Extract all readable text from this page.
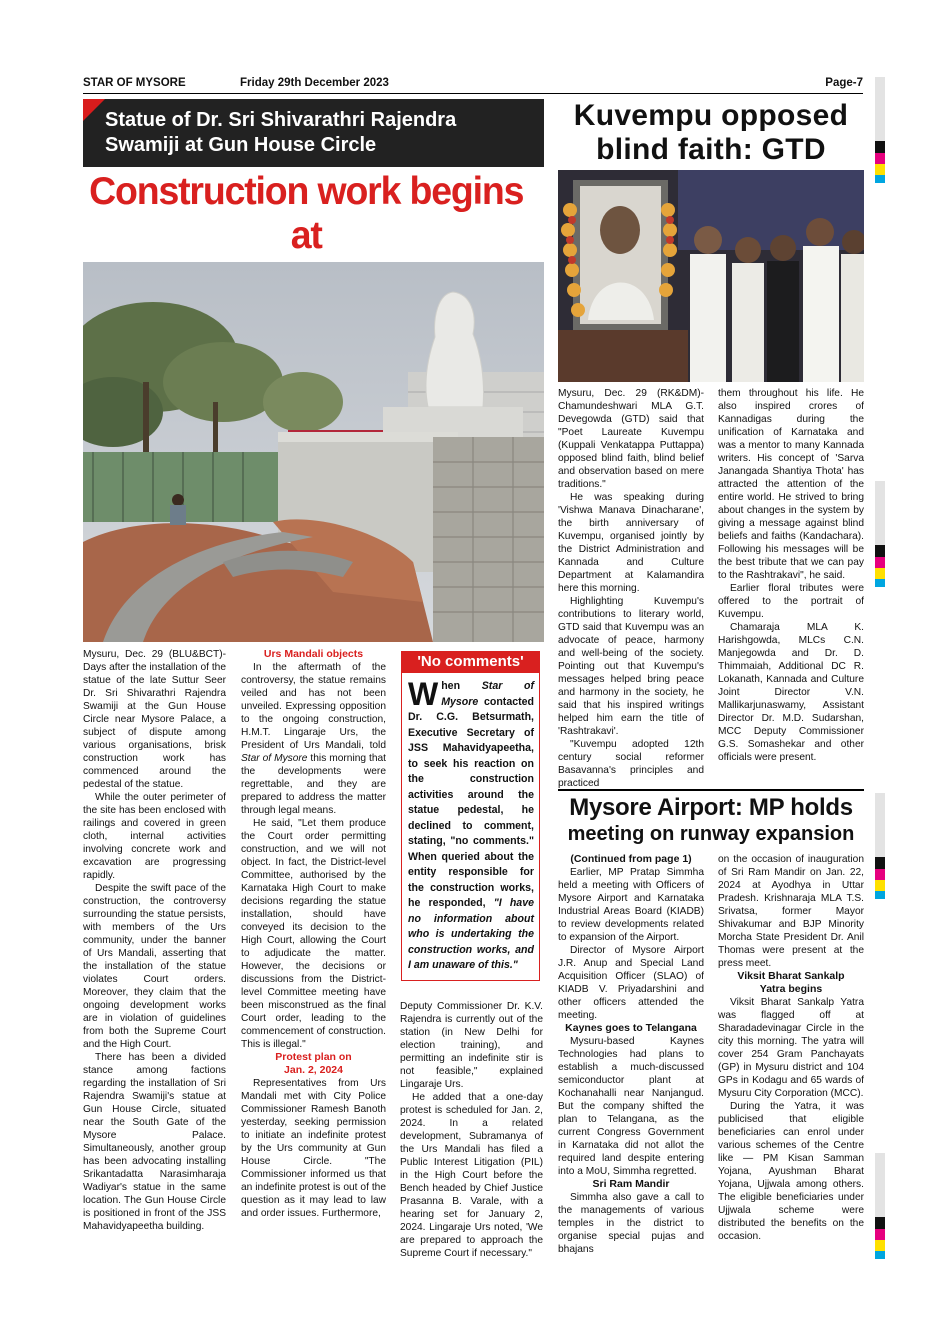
STAR OF MYSORE	Friday 29th December 2023	Page-7
Statue of Dr. Sri Shivarathri Rajendra
Swamiji at Gun House Circle
Construction work begins at

Mysuru, Dec. 29 (BLU&BCT)- Days after the installation of the statue of the late Suttur Seer Dr. Sri Shivarathri Rajendra Swamiji at the Gun House Circle near Mysore Palace, a subject of dispute among various organisations, brisk construction work has commenced around the pedestal of the statue.

While the outer perimeter of the site has been enclosed with railings and covered in green cloth, internal activities involving concrete work and excavation are progressing rapidly.

Despite the swift pace of the construction, the controversy surrounding the statue persists, with members of the Urs community, under the banner of Urs Mandali, asserting that the installation of the statue violates Court orders. Moreover, they claim that the ongoing development works are in violation of guidelines from both the Supreme Court and the High Court.

There has been a divided stance among factions regarding the installation of Sri Rajendra Swamiji's statue at Gun House Circle, situated near the South Gate of the Mysore Palace. Simultaneously, another group has been advocating installing Srikantadatta Narasimharaja Wadiyar's statue in the same location. The Gun House Circle is positioned in front of the JSS Mahavidyapeetha building.

Urs Mandali objects

In the aftermath of the controversy, the statue remains veiled and has not been unveiled. Expressing opposition to the ongoing construction, H.M.T. Lingaraje Urs, the President of Urs Mandali, told Star of Mysore this morning that the developments were regrettable, and they are prepared to address the matter through legal means.

He said, "Let them produce the Court order permitting construction, and we will not object. In fact, the District-level Committee, authorised by the Karnataka High Court to make decisions regarding the statue installation, should have conveyed its decision to the High Court, allowing the Court to adjudicate the matter. However, the decisions or discussions from the District-level Committee meeting have been misconstrued as the final Court order, leading to the commencement of construction. This is illegal."

Protest plan on
Jan. 2, 2024

Representatives from Urs Mandali met with City Police Commissioner Ramesh Banoth yesterday, seeking permission to initiate an indefinite protest by the Urs community at Gun House Circle. "The Commissioner informed us that an indefinite protest is out of the question as it may lead to law and order issues. Furthermore,

'No comments'
When Star of Mysore contacted Dr. C.G. Betsurmath, Executive Secretary of JSS Mahavidyapeetha, to seek his reaction on the construction activities around the statue pedestal, he declined to comment, stating, "no comments." When queried about the entity responsible for the construction works, he responded, "I have no information about who is undertaking the construction works, and I am unaware of this."

Deputy Commissioner Dr. K.V. Rajendra is currently out of the station (in New Delhi for election training), and permitting an indefinite stir is not feasible," explained Lingaraje Urs.

He added that a one-day protest is scheduled for Jan. 2, 2024. In a related development, Subramanya of the Urs Mandali has filed a Public Interest Litigation (PIL) in the High Court before the Bench headed by Chief Justice Prasanna B. Varale, with a hearing set for January 2, 2024. Lingaraje Urs noted, 'We are prepared to approach the Supreme Court if necessary."

Kuvempu opposed
blind faith: GTD

Mysuru, Dec. 29 (RK&DM)- Chamundeshwari MLA G.T. Devegowda (GTD) said that "Poet Laureate Kuvempu (Kuppali Venkatappa Puttappa) opposed blind faith, blind belief and observation based on mere traditions."

He was speaking during 'Vishwa Manava Dinacharane', the birth anniversary of Kuvempu, organised jointly by the District Administration and Kannada and Culture Department at Kalamandira here this morning.

Highlighting Kuvempu's contributions to literary world, GTD said that Kuvempu was an advocate of peace, harmony and well-being of the society. Pointing out that Kuvempu's messages helped bring peace and harmony in the society, he said that his inspired writings helped him earn the title of 'Rashtrakavi'.

"Kuvempu adopted 12th century social reformer Basavanna's principles and practiced

them throughout his life. He also inspired crores of Kannadigas during the unification of Karnataka and was a mentor to many Kannada writers. His concept of 'Sarva Janangada Shantiya Thota' has attracted the attention of the entire world. He strived to bring about changes in the system by giving a message against blind beliefs and faiths (Kandachara). Following his messages will be the best tribute that we can pay to the Rashtrakavi", he said.

Earlier floral tributes were offered to the portrait of Kuvempu.

Chamaraja MLA K. Harishgowda, MLCs C.N. Manjegowda and Dr. D. Thimmaiah, Additional DC R. Lokanath, Kannada and Culture Joint Director V.N. Mallikarjunaswamy, Assistant Director Dr. M.D. Sudarshan, MCC Deputy Commissioner G.S. Somashekar and other officials were present.

Mysore Airport: MP holds
meeting on runway expansion
(Continued from page 1)

Earlier, MP Pratap Simmha held a meeting with Officers of Mysore Airport and Karnataka Industrial Areas Board (KIADB) to review developments related to expansion of the Airport.

Director of Mysore Airport J.R. Anup and Special Land Acquisition Officer (SLAO) of KIADB V. Priyadarshini and other officers attended the meeting.

Kaynes goes to Telangana

Mysuru-based Kaynes Technologies had plans to establish a much-discussed semiconductor plant at Kochanahalli near Nanjangud. But the company shifted the plan to Telangana, as the current Congress Government in Karnataka did not allot the required land despite entering into a MoU, Simmha regretted.

Sri Ram Mandir

Simmha also gave a call to the managements of various temples in the district to organise special pujas and bhajans

on the occasion of inauguration of Sri Ram Mandir on Jan. 22, 2024 at Ayodhya in Uttar Pradesh. Krishnaraja MLA T.S. Srivatsa, former Mayor Shivakumar and BJP Minority Morcha State President Dr. Anil Thomas were present at the press meet.

Viksit Bharat Sankalp
Yatra begins

Viksit Bharat Sankalp Yatra was flagged off at Sharadadevinagar Circle in the city this morning. The yatra will cover 254 Gram Panchayats (GP) in Mysuru district and 104 GPs in Kodagu and 65 wards of Mysuru City Corporation (MCC).

During the Yatra, it was publicised that eligible beneficiaries can enrol under various schemes of the Centre like — PM Kisan Samman Yojana, Ayushman Bharat Yojana, Ujjwala among others. The eligible beneficiaries under Ujjwala scheme were distributed the benefits on the occasion.
